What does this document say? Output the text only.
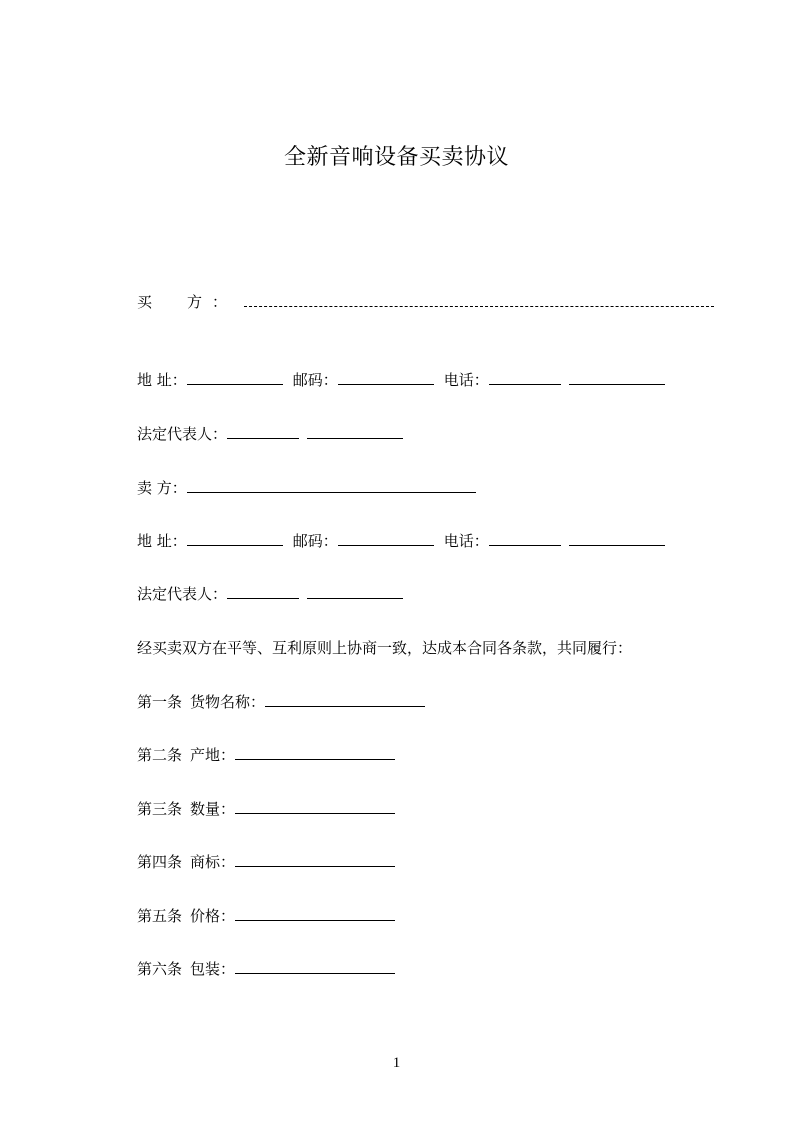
全新音响设备买卖协议
买　方：
地 址：	邮码：	电话：
法定代表人：
卖 方：
地 址：	邮码：	电话：
法定代表人：
经买卖双方在平等、互利原则上协商一致，达成本合同各条款，共同履行：
第一条 货物名称：
第二条 产地：
第三条 数量：
第四条 商标：
第五条 价格：
第六条 包装：
1
